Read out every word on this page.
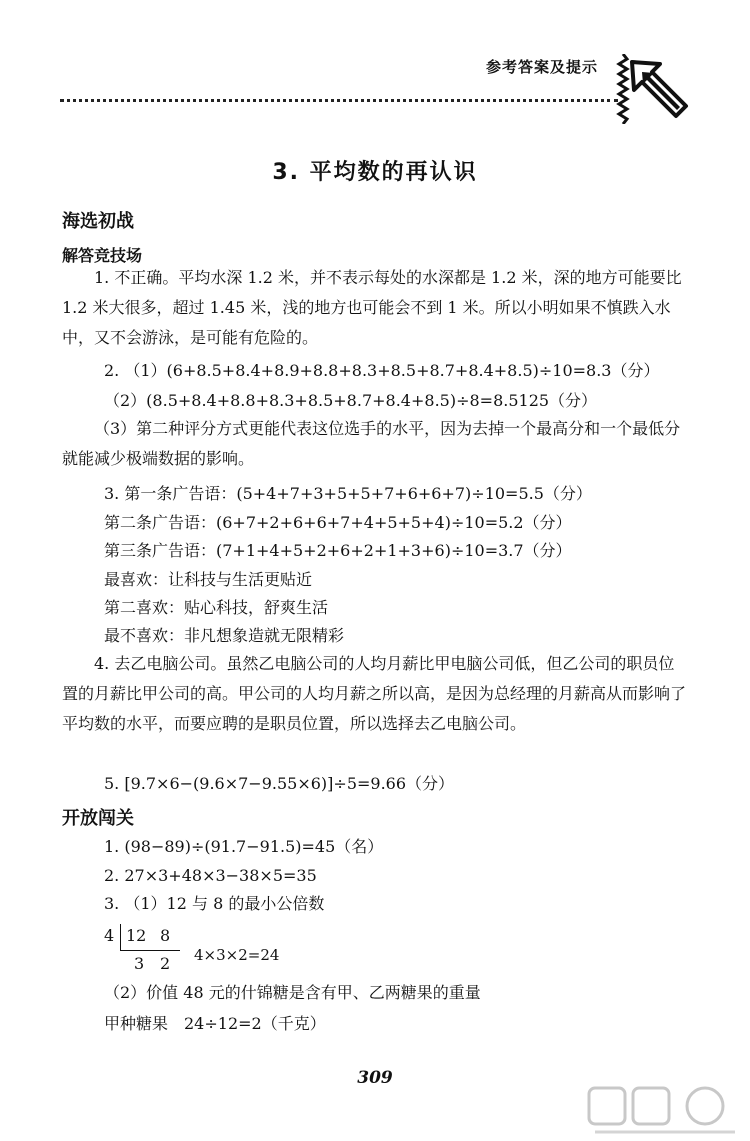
参考答案及提示
3. 平均数的再认识
海选初战
解答竞技场
1. 不正确。平均水深 1.2 米，并不表示每处的水深都是 1.2 米，深的地方可能要比 1.2 米大很多，超过 1.45 米，浅的地方也可能会不到 1 米。所以小明如果不慎跌入水中，又不会游泳，是可能有危险的。
2. （1）(6+8.5+8.4+8.9+8.8+8.3+8.5+8.7+8.4+8.5)÷10=8.3（分）
（2）(8.5+8.4+8.8+8.3+8.5+8.7+8.4+8.5)÷8=8.5125（分）
（3）第二种评分方式更能代表这位选手的水平，因为去掉一个最高分和一个最低分就能减少极端数据的影响。
3. 第一条广告语：(5+4+7+3+5+5+7+6+6+7)÷10=5.5（分）
第二条广告语：(6+7+2+6+6+7+4+5+5+4)÷10=5.2（分）
第三条广告语：(7+1+4+5+2+6+2+1+3+6)÷10=3.7（分）
最喜欢：让科技与生活更贴近
第二喜欢：贴心科技，舒爽生活
最不喜欢：非凡想象造就无限精彩
4. 去乙电脑公司。虽然乙电脑公司的人均月薪比甲电脑公司低，但乙公司的职员位置的月薪比甲公司的高。甲公司的人均月薪之所以高，是因为总经理的月薪高从而影响了平均数的水平，而要应聘的是职员位置，所以选择去乙电脑公司。
5. [9.7×6−(9.6×7−9.55×6)]÷5=9.66（分）
开放闯关
1. (98−89)÷(91.7−91.5)=45（名）
2. 27×3+48×3−38×5=35
3. （1）12 与 8 的最小公倍数
4 12 8
3 2 4×3×2=24
（2）价值 48 元的什锦糖是含有甲、乙两糖果的重量
甲种糖果　24÷12=2（千克）
309
